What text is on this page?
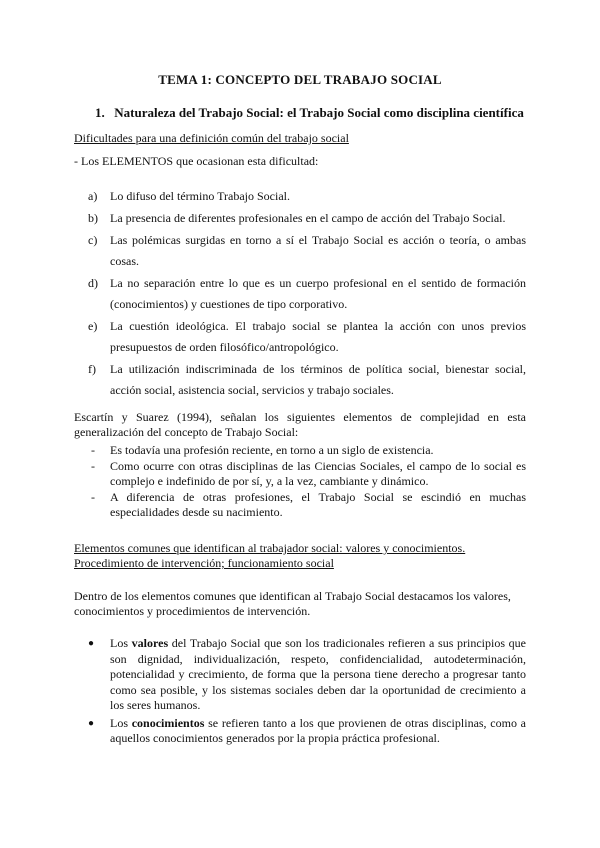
TEMA 1: CONCEPTO DEL TRABAJO SOCIAL
1. Naturaleza del Trabajo Social: el Trabajo Social como disciplina científica
Dificultades para una definición común del trabajo social
- Los ELEMENTOS que ocasionan esta dificultad:
a) Lo difuso del término Trabajo Social.
b) La presencia de diferentes profesionales en el campo de acción del Trabajo Social.
c) Las polémicas surgidas en torno a sí el Trabajo Social es acción o teoría, o ambas cosas.
d) La no separación entre lo que es un cuerpo profesional en el sentido de formación (conocimientos) y cuestiones de tipo corporativo.
e) La cuestión ideológica. El trabajo social se plantea la acción con unos previos presupuestos de orden filosófico/antropológico.
f) La utilización indiscriminada de los términos de política social, bienestar social, acción social, asistencia social, servicios y trabajo sociales.
Escartín y Suarez (1994), señalan los siguientes elementos de complejidad en esta generalización del concepto de Trabajo Social:
- Es todavía una profesión reciente, en torno a un siglo de existencia.
- Como ocurre con otras disciplinas de las Ciencias Sociales, el campo de lo social es complejo e indefinido de por sí, y, a la vez, cambiante y dinámico.
- A diferencia de otras profesiones, el Trabajo Social se escindió en muchas especialidades desde su nacimiento.
Elementos comunes que identifican al trabajador social: valores y conocimientos.
Procedimiento de intervención; funcionamiento social
Dentro de los elementos comunes que identifican al Trabajo Social destacamos los valores, conocimientos y procedimientos de intervención.
● Los valores del Trabajo Social que son los tradicionales refieren a sus principios que son dignidad, individualización, respeto, confidencialidad, autodeterminación, potencialidad y crecimiento, de forma que la persona tiene derecho a progresar tanto como sea posible, y los sistemas sociales deben dar la oportunidad de crecimiento a los seres humanos.
● Los conocimientos se refieren tanto a los que provienen de otras disciplinas, como a aquellos conocimientos generados por la propia práctica profesional.
